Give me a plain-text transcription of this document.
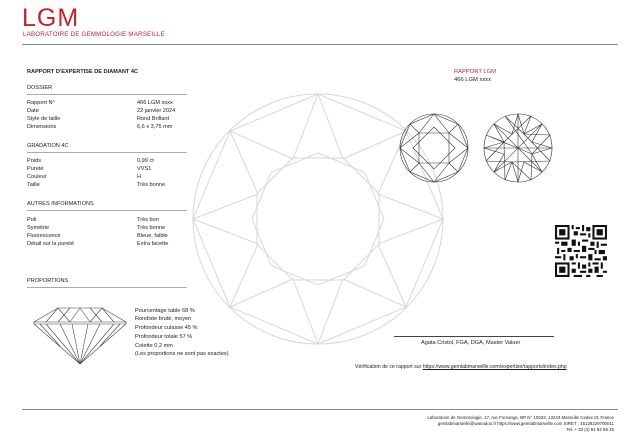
LGM
LABORATOIRE DE GEMMOLOGIE MARSEILLE
RAPPORT D'EXPERTISE DE DIAMANT 4C
DOSSIER
Rapport N°	466 LGM xxxx
Date	22 janvier 2024
Style de taille	Rond Brillant
Dimensions	6,6 x 3,75 mm
GRADATION 4C
Poids	0,99 ct
Pureté	VVS1
Couleur	H
Taille	Très bonne
AUTRES INFORMATIONS
Poli	Très bon
Symétrie	Très bonne
Fluorescence	Bleue, faible
Détail sur la pureté	Extra facette
PROPORTIONS
Pourcentage table 68 %
Rondiste bruté, moyen
Profondeur culasse 45 %
Profondeur totale 57 %
Colette 0,2 mm
(Les proportions ne sont pas exactes)
RAPPORT LGM
466 LGM xxxx
Agata Cristol, FGA, DGA, Master Valuer
Vérification de ce rapport sur https://www.gemlabmarseille.com/expertise/rapports/index.php
Laboratoire de Gemmologie, 17, rue Fornange, BP N° 10033, 13243 Marseille Cedex 01 France
gemlabmarseille@wanadoo.fr https://www.gemlabmarseille.com SIRET : 45129229700011
Tel. + 33 (4) 91 92 66 45
